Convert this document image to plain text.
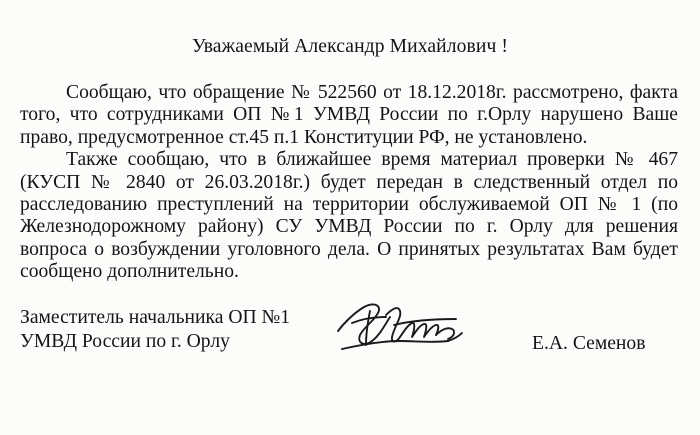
Уважаемый Александр Михайлович !
Сообщаю, что обращение № 522560 от 18.12.2018г. рассмотрено, факта
того, что сотрудниками ОП №1 УМВД России по г.Орлу нарушено Ваше
право, предусмотренное ст.45 п.1 Конституции РФ, не установлено.
Также сообщаю, что в ближайшее время материал проверки № 467
(КУСП № 2840 от 26.03.2018г.) будет передан в следственный отдел по
расследованию преступлений на территории обслуживаемой ОП № 1 (по
Железнодорожному району) СУ УМВД России по г. Орлу для решения
вопроса о возбуждении уголовного дела. О принятых результатах Вам будет
сообщено дополнительно.
Заместитель начальника ОП №1
УМВД России по г. Орлу	Е.А. Семенов
